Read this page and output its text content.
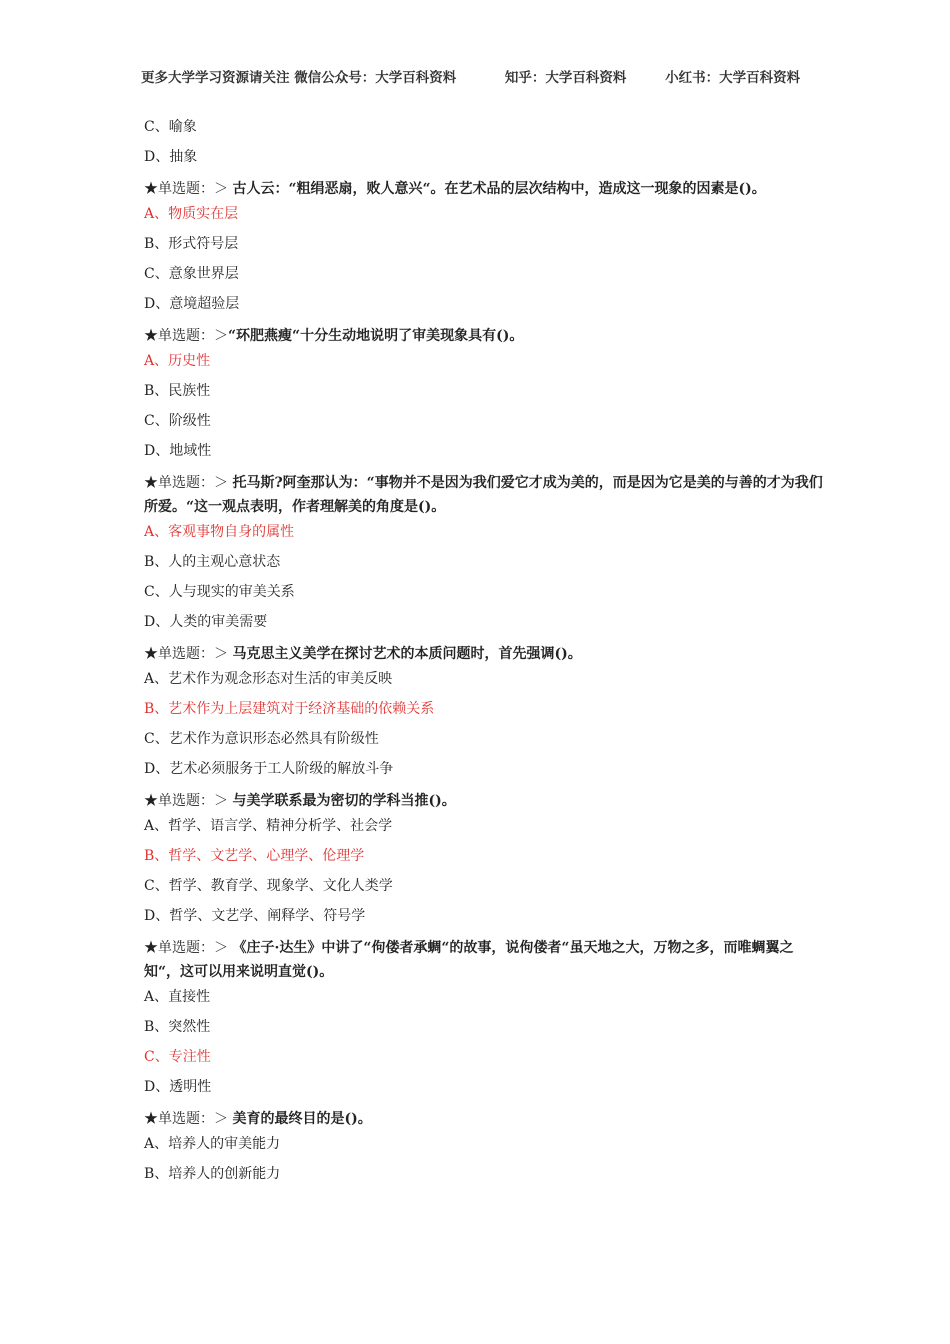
更多大学学习资源请关注 微信公众号：大学百科资料	知乎：大学百科资料	小红书：大学百科资料
C、喻象
D、抽象
★单选题：＞ 古人云：“粗绢恶扇，败人意兴“。在艺术品的层次结构中，造成这一现象的因素是()。
A、物质实在层
B、形式符号层
C、意象世界层
D、意境超验层
★单选题：＞“环肥燕瘦“十分生动地说明了审美现象具有()。
A、历史性
B、民族性
C、阶级性
D、地域性
★单选题：＞ 托马斯?阿奎那认为：“事物并不是因为我们爱它才成为美的，而是因为它是美的与善的才为我们所爱。“这一观点表明，作者理解美的角度是()。
A、客观事物自身的属性
B、人的主观心意状态
C、人与现实的审美关系
D、人类的审美需要
★单选题：＞ 马克思主义美学在探讨艺术的本质问题时，首先强调()。
A、艺术作为观念形态对生活的审美反映
B、艺术作为上层建筑对于经济基础的依赖关系
C、艺术作为意识形态必然具有阶级性
D、艺术必须服务于工人阶级的解放斗争
★单选题：＞ 与美学联系最为密切的学科当推()。
A、哲学、语言学、精神分析学、社会学
B、哲学、文艺学、心理学、伦理学
C、哲学、教育学、现象学、文化人类学
D、哲学、文艺学、阐释学、符号学
★单选题：＞ 《庄子·达生》中讲了“佝偻者承蜩“的故事，说佝偻者“虽天地之大，万物之多，而唯蜩翼之知“，这可以用来说明直觉()。
A、直接性
B、突然性
C、专注性
D、透明性
★单选题：＞ 美育的最终目的是()。
A、培养人的审美能力
B、培养人的创新能力
